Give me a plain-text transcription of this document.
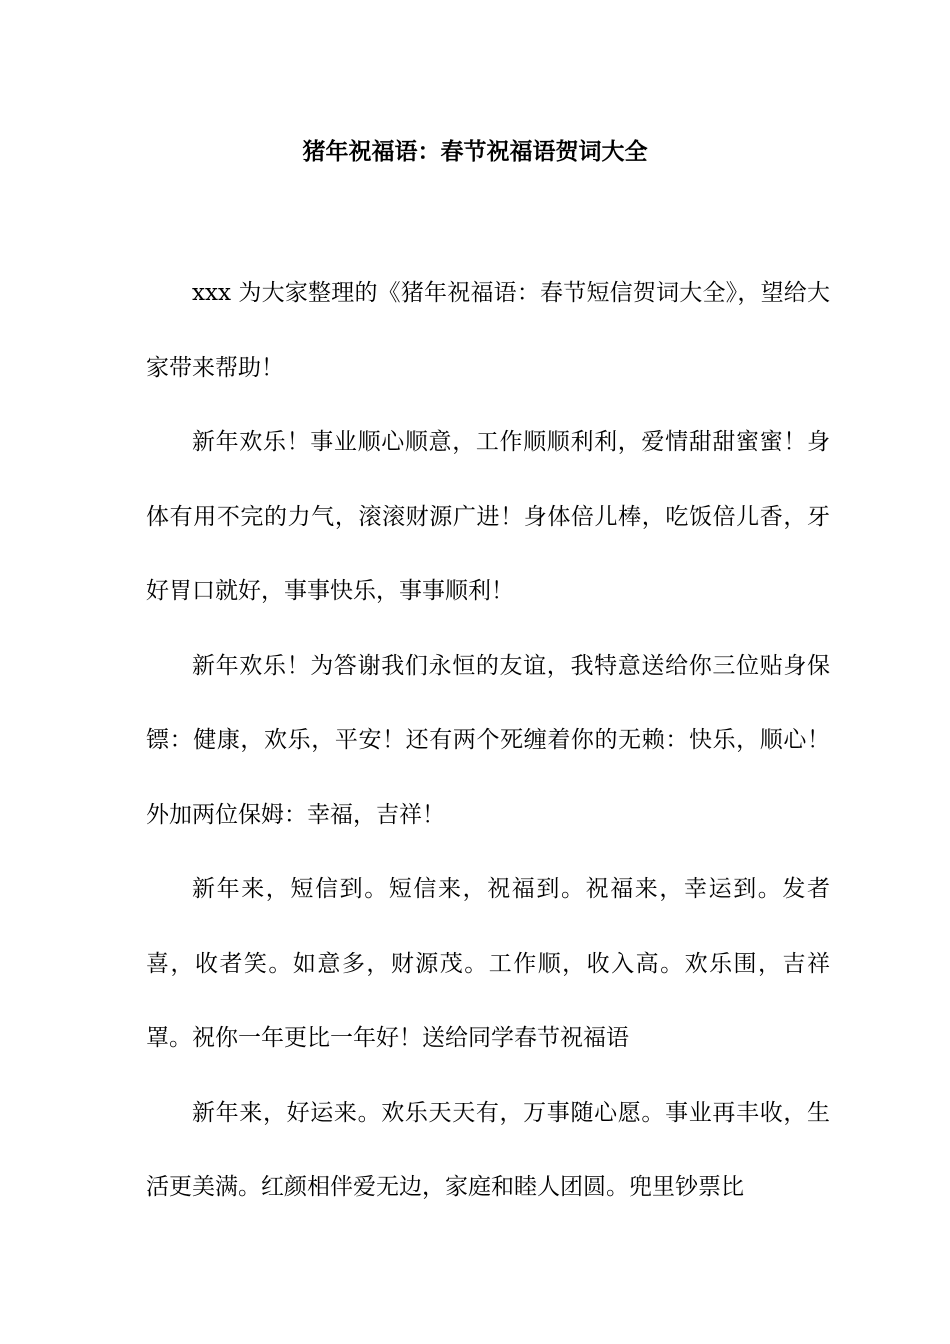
猪年祝福语：春节祝福语贺词大全

xxx 为大家整理的《猪年祝福语：春节短信贺词大全》，望给大家带来帮助！

新年欢乐！事业顺心顺意，工作顺顺利利，爱情甜甜蜜蜜！身体有用不完的力气，滚滚财源广进！身体倍儿棒，吃饭倍儿香，牙好胃口就好，事事快乐，事事顺利！

新年欢乐！为答谢我们永恒的友谊，我特意送给你三位贴身保镖：健康，欢乐，平安！还有两个死缠着你的无赖：快乐，顺心！外加两位保姆：幸福，吉祥！

新年来，短信到。短信来，祝福到。祝福来，幸运到。发者喜，收者笑。如意多，财源茂。工作顺，收入高。欢乐围，吉祥罩。祝你一年更比一年好！送给同学春节祝福语

新年来，好运来。欢乐天天有，万事随心愿。事业再丰收，生活更美满。红颜相伴爱无边，家庭和睦人团圆。兜里钞票比
